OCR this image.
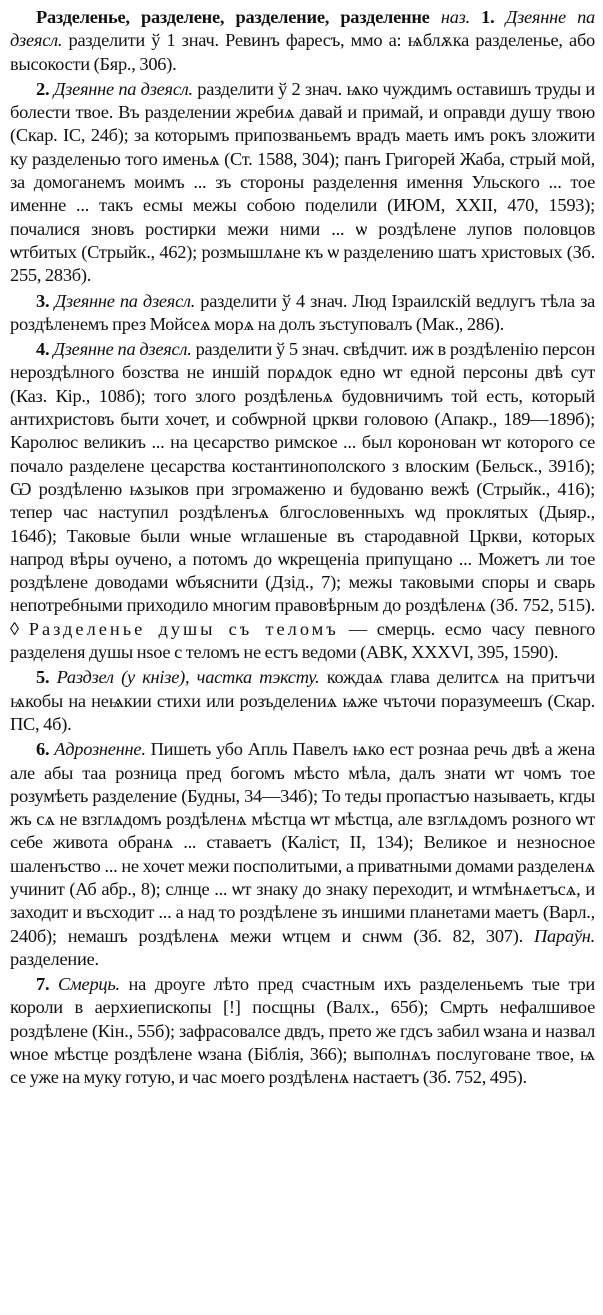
Разделенье, разделене, разделение, разделенне наз. 1. Дзеянне па дзеясл. разделити ў 1 знач. Ревинъ фаресъ, ммо а: ѩблѫка разделенье, або высокости (Бяр., 306).

2. Дзеянне па дзеясл. разделити ў 2 знач. ѩко чуждимъ оставишъ труды и болести твое. Въ разделении жребиѧ давай и примай, и оправди душу твою (Скар. IC, 24б); за которымъ припозваньемъ врадъ маеть имъ рокъ зложити ку разделенью того именьѧ (Ст. 1588, 304); панъ Григорей Жаба, стрый мой, за домоганемъ моимъ ... зъ стороны разделення имення Ульского ... тое именне ... такъ есмы межы собою поделили (ИЮМ, XXII, 470, 1593); почалися зновъ ростирки межи ними ... ѡ роздѣлене лупов половцов ѡтбитых (Стрыйк., 462); розмышлѧне къ ѡ разделению шатъ христовых (Зб. 255, 283б).

3. Дзеянне па дзеясл. разделити ў 4 знач. Люд Ізраилскій ведлугъ тѣла за роздѣленемъ през Мойсеѧ морѧ на долъ зъступовалъ (Мак., 286).

4. Дзеянне па дзеясл. разделити ў 5 знач. свѣдчит. иж в роздѣленію персон нероздѣлного бозства не иншій порѧдок едно ѡт едной персоны двѣ сут (Каз. Кір., 108б); того злого роздѣленьѧ будовничимъ той есть, который антихристовъ быти хочет, и собѡрной цркви головою (Апакр., 189—189б); Кaролюс великиъ ... на цесарство римское ... был коронован ѡт которого се почало разделене цесарства костантинополского з влоским (Бельск., 391б); Ѡ роздѣленю ѩзыков при згромаженю и будованю вежѣ (Стрыйк., 416); тепер час наступил роздѣленъѧ блгословенныхъ ѡд проклятых (Дыяр., 164б); Таковые были ѡные ѡглашеные въ стародавной Цркви, которых напрод вѣры оучено, а потомъ до ѡкрещеніа припущано ... Можетъ ли тое роздѣлене доводами ѡбъяснити (Дзід., 7); межы таковыми споры и сварь непотребными приходило многим правовѣрным до роздѣленѧ (Зб. 752, 515). ◊ Разделенье душы съ теломъ — смерць. есмо часу певного разделеня душы нѕое с теломъ не естъ ведоми (АВК, XXXVI, 395, 1590).

5. Раздзел (у кнізе), частка тэксту. кождаѧ глава делитсѧ на притъчи ѩкобы на неѩкии стихи или розъделениѧ ѩже чъточи поразумеешъ (Скар. ПС, 4б).

6. Адрозненне. Пишеть убо Апль Павелъ ѩко ест рознаа речь двѣ а жена але абы таа розница пред богомъ мѣсто мѣла, далъ знати ѡт чомъ тое розумѣеть разделение (Будны, 34—34б); То теды пропастъю называеть, кгды жъ сѧ не взглѧдомъ роздѣленѧ мѣстца ѡт мѣстца, але взглѧдомъ розного ѡт себе живота обранѧ ... ставаетъ (Каліст, II, 134); Великое и незносное шаленъство ... не хочет межи посполитыми, а приватными домами разделенѧ учинит (Аб абр., 8); слнце ... ѡт знаку до знаку переходит, и ѡтмѣнѧетъсѧ, и заходит и въсходит ... а над то роздѣлене зъ иншими планетами маетъ (Варл., 240б); немашъ роздѣленѧ межи ѡтцем и снѡм (Зб. 82, 307). Параўн. разделение.

7. Смерць. на дроуге лѣто пред счастным ихъ разделеньемъ тые три короли в аерхиепископы [!] посщны (Валх., 65б); Смрть нефалшивое роздѣлене (Кін., 55б); зафрасовалсе двдъ, прето же гдсъ забил ѡзана и назвал ѡное мѣстце роздѣлене ѡзана (Біблія, 366); выполнѧъ послуговане твое, ѩ се уже на муку готую, и час моего роздѣленѧ настаетъ (Зб. 752, 495).
